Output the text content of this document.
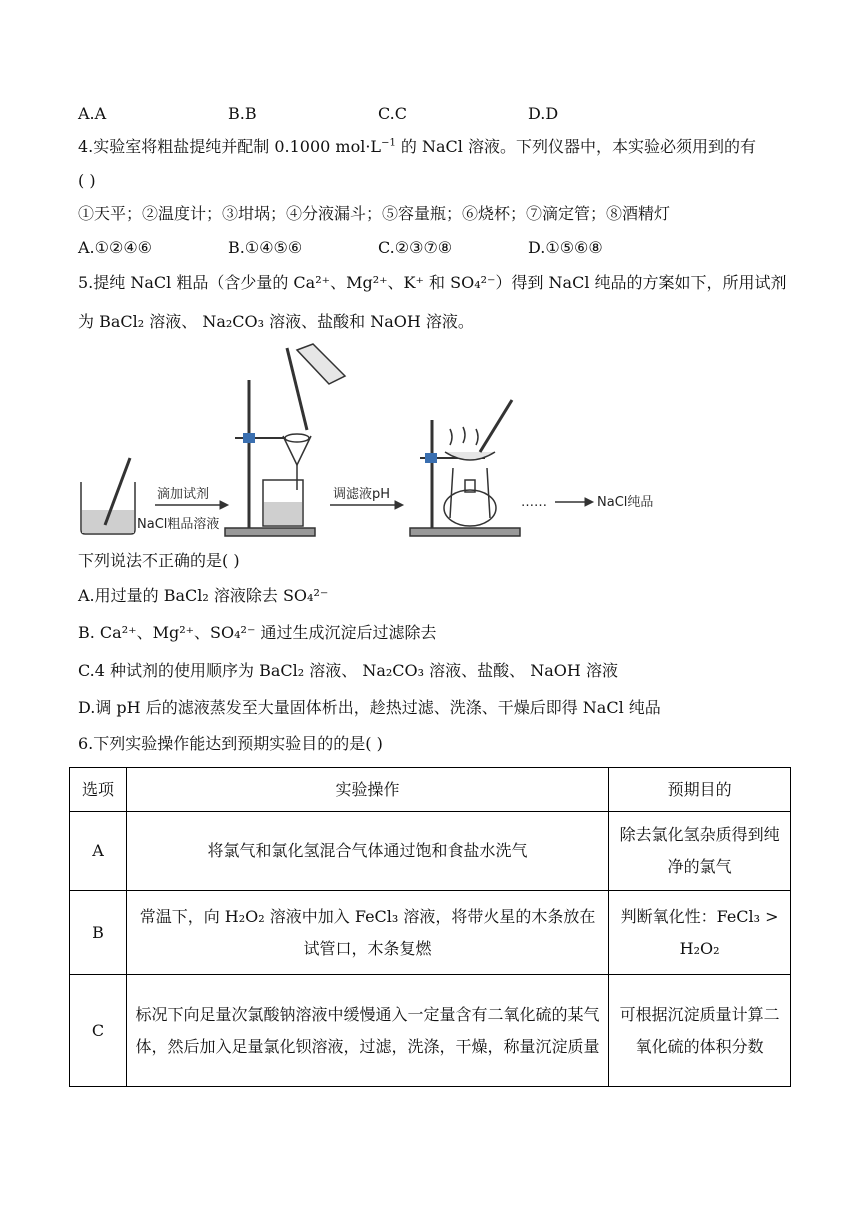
A.A	B.B	C.C	D.D
4.实验室将粗盐提纯并配制 0.1000 $mol\cdot L^{-1}$ 的 NaCl 溶液。下列仪器中，本实验必须用到的有
( )
①天平；②温度计；③坩埚；④分液漏斗；⑤容量瓶；⑥烧杯；⑦滴定管；⑧酒精灯
A.①②④⑥	B.①④⑤⑥	C.②③⑦⑧	D.①⑤⑥⑧
5.提纯 NaCl 粗品（含少量的 Ca²⁺、Mg²⁺、K⁺ 和 SO₄²⁻）得到 NaCl 纯品的方案如下，所用试剂
为 BaCl₂ 溶液、 Na₂CO₃ 溶液、盐酸和 NaOH 溶液。
NaCl粗品溶液
滴加试剂	调滤液pH
……	NaCl纯品
下列说法不正确的是( )
A.用过量的 BaCl₂ 溶液除去 SO₄²⁻
B. Ca²⁺、Mg²⁺、SO₄²⁻ 通过生成沉淀后过滤除去
C.4 种试剂的使用顺序为 BaCl₂ 溶液、 Na₂CO₃ 溶液、盐酸、 NaOH 溶液
D.调 pH 后的滤液蒸发至大量固体析出，趁热过滤、洗涤、干燥后即得 NaCl 纯品
6.下列实验操作能达到预期实验目的的是( )
选项	实验操作	预期目的
A	将氯气和氯化氢混合气体通过饱和食盐水洗气	除去氯化氢杂质得到纯净的氯气
B	常温下，向 H₂O₂ 溶液中加入 FeCl₃ 溶液，将带火星的木条放在试管口，木条复燃	判断氧化性：FeCl₃ > H₂O₂
C	标况下向足量次氯酸钠溶液中缓慢通入一定量含有二氧化硫的某气体，然后加入足量氯化钡溶液，过滤，洗涤，干燥，称量沉淀质量	可根据沉淀质量计算二氧化硫的体积分数
